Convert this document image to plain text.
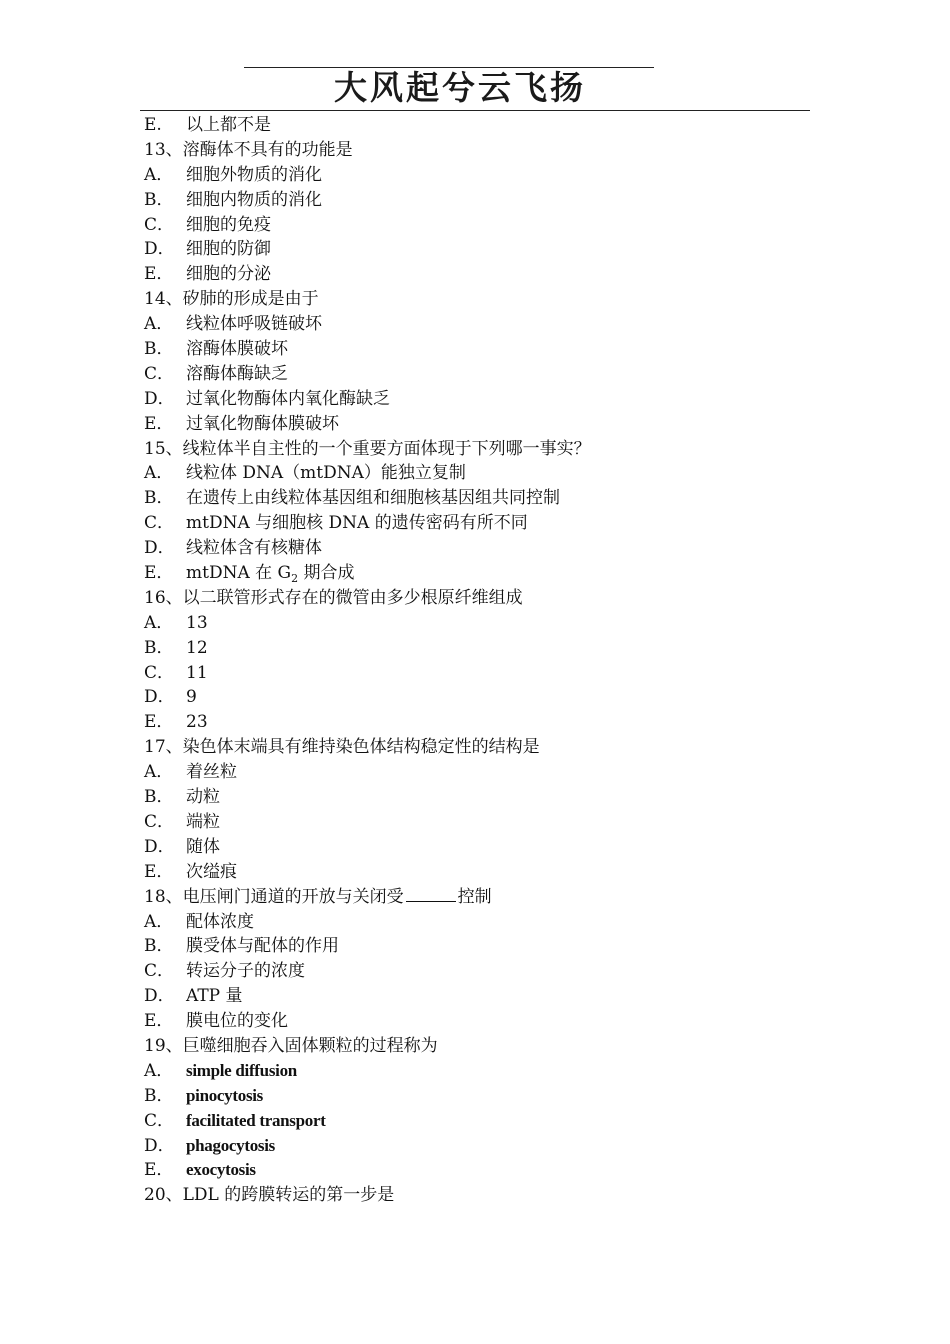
大风起兮云飞扬
E. 以上都不是
13、溶酶体不具有的功能是
A． 细胞外物质的消化
B． 细胞内物质的消化
C． 细胞的免疫
D． 细胞的防御
E． 细胞的分泌
14、矽肺的形成是由于
A． 线粒体呼吸链破坏
B． 溶酶体膜破坏
C． 溶酶体酶缺乏
D． 过氧化物酶体内氧化酶缺乏
E． 过氧化物酶体膜破坏
15、线粒体半自主性的一个重要方面体现于下列哪一事实？
A． 线粒体 DNA（mtDNA）能独立复制
B． 在遗传上由线粒体基因组和细胞核基因组共同控制
C． mtDNA 与细胞核 DNA 的遗传密码有所不同
D． 线粒体含有核糖体
E． mtDNA 在 $G_2$ 期合成
16、以二联管形式存在的微管由多少根原纤维组成
A． 13
B． 12
C． 11
D． 9
E． 23
17、染色体末端具有维持染色体结构稳定性的结构是
A． 着丝粒
B． 动粒
C． 端粒
D． 随体
E． 次缢痕
18、电压闸门通道的开放与关闭受	控制
A． 配体浓度
B． 膜受体与配体的作用
C． 转运分子的浓度
D． ATP 量
E． 膜电位的变化
19、巨噬细胞吞入固体颗粒的过程称为
A． simple diffusion
B． pinocytosis
C． facilitated transport
D． phagocytosis
E． exocytosis
20、LDL 的跨膜转运的第一步是
